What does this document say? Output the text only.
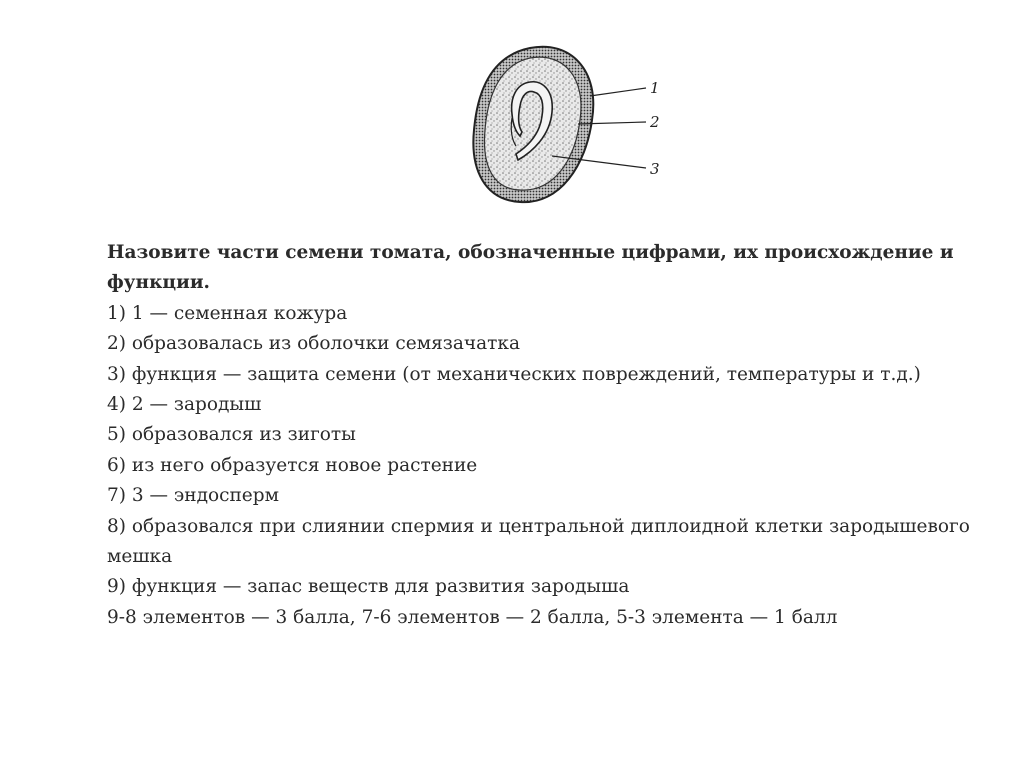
1
2
3

Назовите части семени томата, обозначенные цифрами, их происхождение и функции.

1) 1 — семенная кожура
2) образовалась из оболочки семязачатка
3) функция — защита семени (от механических повреждений, температуры и т.д.)
4) 2 — зародыш
5) образовался из зиготы
6) из него образуется новое растение
7) 3 — эндосперм
8) образовался при слиянии спермия и центральной диплоидной клетки зародышевого мешка
9) функция — запас веществ для развития зародыша
9-8 элементов — 3 балла, 7-6 элементов — 2 балла, 5-3 элемента — 1 балл
